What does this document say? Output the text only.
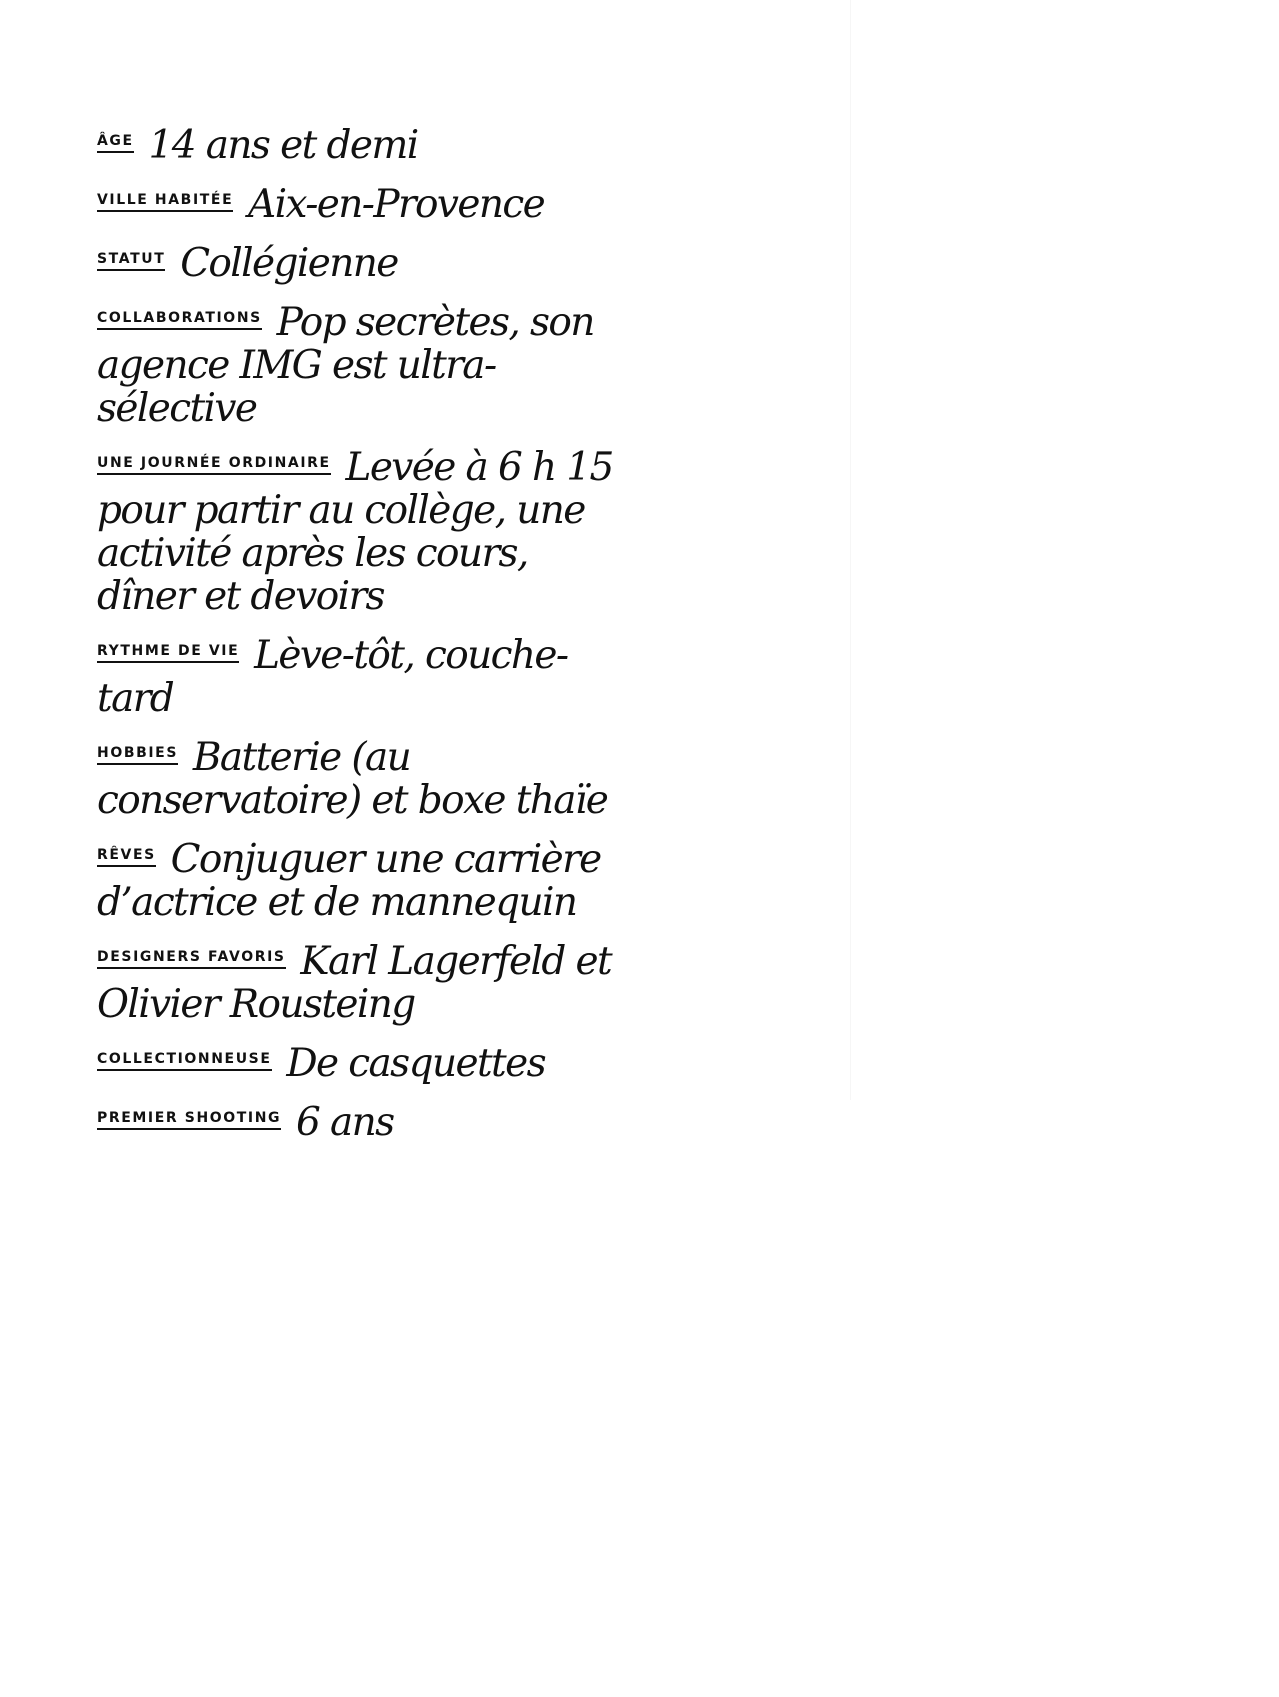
$^{ÂGE}$ 14 ans et demi

$^{VILLE HABITÉE}$ Aix-en-Provence

$^{STATUT}$ Collégienne

$^{COLLABORATIONS}$ Pop secrètes, son agence IMG est ultra-sélective

$^{UNE JOURNÉE ORDINAIRE}$ Levée à 6 h 15 pour partir au collège, une activité après les cours, dîner et devoirs

$^{RYTHME DE VIE}$ Lève-tôt, couche-tard

$^{HOBBIES}$ Batterie (au conservatoire) et boxe thaïe

$^{RÊVES}$ Conjuguer une carrière d’actrice et de mannequin

$^{DESIGNERS FAVORIS}$ Karl Lagerfeld et Olivier Rousteing

$^{COLLECTIONNEUSE}$ De casquettes

$^{PREMIER SHOOTING}$ 6 ans
